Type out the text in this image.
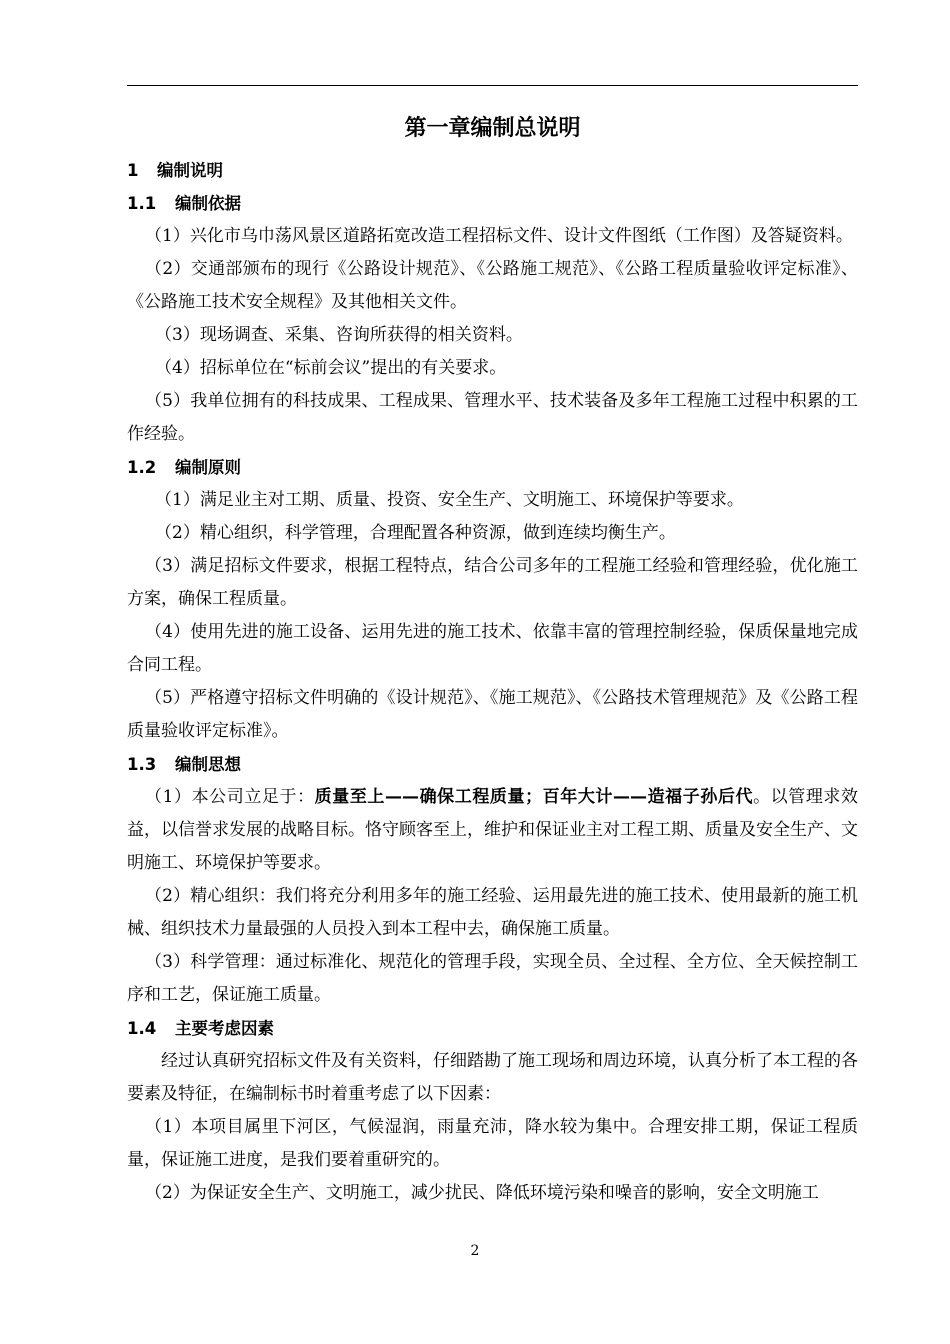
第一章编制总说明
1 编制说明
1.1 编制依据

（1）兴化市乌巾荡风景区道路拓宽改造工程招标文件、设计文件图纸（工作图）及答疑资料。

（2）交通部颁布的现行《公路设计规范》、《公路施工规范》、《公路工程质量验收评定标准》、《公路施工技术安全规程》及其他相关文件。

（3）现场调查、采集、咨询所获得的相关资料。

（4）招标单位在“标前会议”提出的有关要求。

（5）我单位拥有的科技成果、工程成果、管理水平、技术装备及多年工程施工过程中积累的工作经验。

1.2 编制原则

（1）满足业主对工期、质量、投资、安全生产、文明施工、环境保护等要求。

（2）精心组织，科学管理，合理配置各种资源，做到连续均衡生产。

（3）满足招标文件要求，根据工程特点，结合公司多年的工程施工经验和管理经验，优化施工方案，确保工程质量。

（4）使用先进的施工设备、运用先进的施工技术、依靠丰富的管理控制经验，保质保量地完成合同工程。

（5）严格遵守招标文件明确的《设计规范》、《施工规范》、《公路技术管理规范》及《公路工程质量验收评定标准》。

1.3 编制思想

（1）本公司立足于：质量至上——确保工程质量；百年大计——造福子孙后代。以管理求效益，以信誉求发展的战略目标。恪守顾客至上，维护和保证业主对工程工期、质量及安全生产、文明施工、环境保护等要求。

（2）精心组织：我们将充分利用多年的施工经验、运用最先进的施工技术、使用最新的施工机械、组织技术力量最强的人员投入到本工程中去，确保施工质量。

（3）科学管理：通过标准化、规范化的管理手段，实现全员、全过程、全方位、全天候控制工序和工艺，保证施工质量。

1.4 主要考虑因素

经过认真研究招标文件及有关资料，仔细踏勘了施工现场和周边环境，认真分析了本工程的各要素及特征，在编制标书时着重考虑了以下因素：

（1）本项目属里下河区，气候湿润，雨量充沛，降水较为集中。合理安排工期，保证工程质量，保证施工进度，是我们要着重研究的。

（2）为保证安全生产、文明施工，减少扰民、降低环境污染和噪音的影响，安全文明施工

2
